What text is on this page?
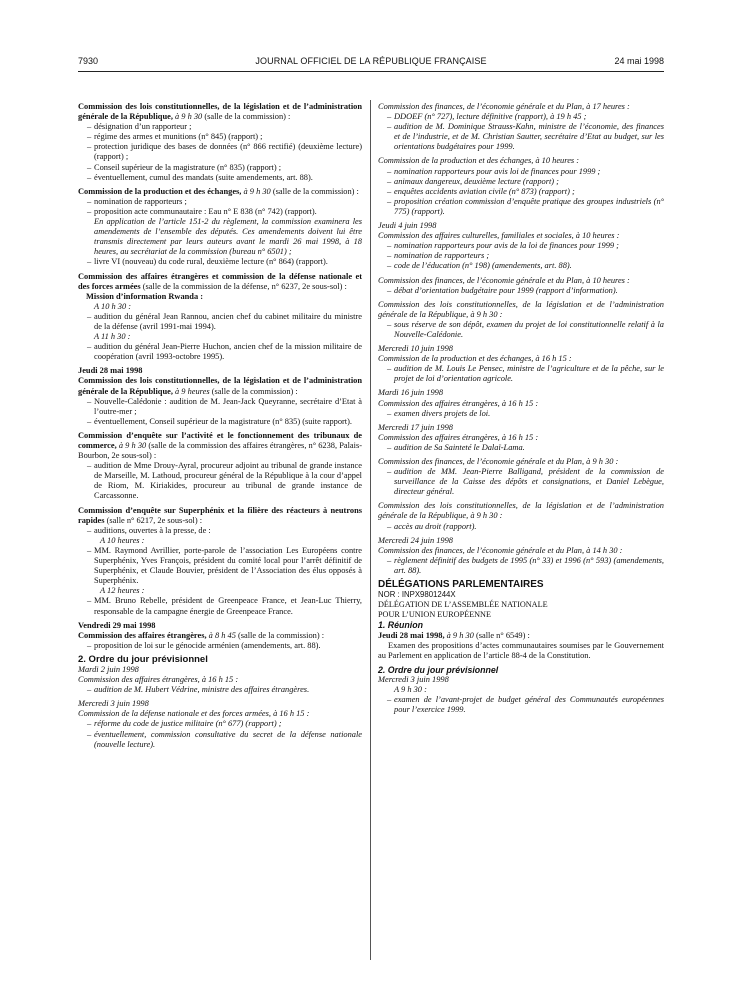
7930	JOURNAL OFFICIEL DE LA RÉPUBLIQUE FRANÇAISE	24 mai 1998

Commission des lois constitutionnelles, de la législation et de l’administration générale de la République, à 9 h 30 (salle de la commission) :

– désignation d’un rapporteur ;
– régime des armes et munitions (n° 845) (rapport) ;
– protection juridique des bases de données (n° 866 rectifié) (deuxième lecture) (rapport) ;
– Conseil supérieur de la magistrature (n° 835) (rapport) ;
– éventuellement, cumul des mandats (suite amendements, art. 88).

Commission de la production et des échanges, à 9 h 30 (salle de la commission) :

– nomination de rapporteurs ;
– proposition acte communautaire : Eau n° E 838 (n° 742) (rapport).

En application de l’article 151-2 du règlement, la commission examinera les amendements de l’ensemble des députés. Ces amendements doivent lui être transmis directement par leurs auteurs avant le mardi 26 mai 1998, à 18 heures, au secrétariat de la commission (bureau n° 6501) ;

– livre VI (nouveau) du code rural, deuxième lecture (n° 864) (rapport).

Commission des affaires étrangères et commission de la défense nationale et des forces armées (salle de la commission de la défense, n° 6237, 2e sous-sol) :

Mission d’information Rwanda :

A 10 h 30 :

– audition du général Jean Rannou, ancien chef du cabinet militaire du ministre de la défense (avril 1991-mai 1994).

A 11 h 30 :

– audition du général Jean-Pierre Huchon, ancien chef de la mission militaire de coopération (avril 1993-octobre 1995).

Jeudi 28 mai 1998

Commission des lois constitutionnelles, de la législation et de l’administration générale de la République, à 9 heures (salle de la commission) :

– Nouvelle-Calédonie : audition de M. Jean-Jack Queyranne, secrétaire d’Etat à l’outre-mer ;
– éventuellement, Conseil supérieur de la magistrature (n° 835) (suite rapport).

Commission d’enquête sur l’activité et le fonctionnement des tribunaux de commerce, à 9 h 30 (salle de la commission des affaires étrangères, n° 6238, Palais-Bourbon, 2e sous-sol) :

– audition de Mme Drouy-Ayral, procureur adjoint au tribunal de grande instance de Marseille, M. Lathoud, procureur général de la République à la cour d’appel de Riom, M. Kiriakides, procureur au tribunal de grande instance de Carcassonne.

Commission d’enquête sur Superphénix et la filière des réacteurs à neutrons rapides (salle n° 6217, 2e sous-sol) :

– auditions, ouvertes à la presse, de :

A 10 heures :

– MM. Raymond Avrillier, porte-parole de l’association Les Européens contre Superphénix, Yves François, président du comité local pour l’arrêt définitif de Superphénix, et Claude Bouvier, président de l’Association des élus opposés à Superphénix.

A 12 heures :

– MM. Bruno Rebelle, président de Greenpeace France, et Jean-Luc Thierry, responsable de la campagne énergie de Greenpeace France.

Vendredi 29 mai 1998

Commission des affaires étrangères, à 8 h 45 (salle de la commission) :

– proposition de loi sur le génocide arménien (amendements, art. 88).

2. Ordre du jour prévisionnel

Mardi 2 juin 1998

Commission des affaires étrangères, à 16 h 15 :

– audition de M. Hubert Védrine, ministre des affaires étrangères.

Mercredi 3 juin 1998

Commission de la défense nationale et des forces armées, à 16 h 15 :

– réforme du code de justice militaire (n° 677) (rapport) ;
– éventuellement, commission consultative du secret de la défense nationale (nouvelle lecture).

Commission des finances, de l’économie générale et du Plan, à 17 heures :

– DDOEF (n° 727), lecture définitive (rapport), à 19 h 45 ;
– audition de M. Dominique Strauss-Kahn, ministre de l’économie, des finances et de l’industrie, et de M. Christian Sautter, secrétaire d’Etat au budget, sur les orientations budgétaires pour 1999.

Commission de la production et des échanges, à 10 heures :

– nomination rapporteurs pour avis loi de finances pour 1999 ;
– animaux dangereux, deuxième lecture (rapport) ;
– enquêtes accidents aviation civile (n° 873) (rapport) ;
– proposition création commission d’enquête pratique des groupes industriels (n° 775) (rapport).

Jeudi 4 juin 1998

Commission des affaires culturelles, familiales et sociales, à 10 heures :

– nomination rapporteurs pour avis de la loi de finances pour 1999 ;
– nomination de rapporteurs ;
– code de l’éducation (n° 198) (amendements, art. 88).

Commission des finances, de l’économie générale et du Plan, à 10 heures :

– débat d’orientation budgétaire pour 1999 (rapport d’information).

Commission des lois constitutionnelles, de la législation et de l’administration générale de la République, à 9 h 30 :

– sous réserve de son dépôt, examen du projet de loi constitutionnelle relatif à la Nouvelle-Calédonie.

Mercredi 10 juin 1998

Commission de la production et des échanges, à 16 h 15 :

– audition de M. Louis Le Pensec, ministre de l’agriculture et de la pêche, sur le projet de loi d’orientation agricole.

Mardi 16 juin 1998

Commission des affaires étrangères, à 16 h 15 :

– examen divers projets de loi.

Mercredi 17 juin 1998

Commission des affaires étrangères, à 16 h 15 :

– audition de Sa Sainteté le Dalaï-Lama.

Commission des finances, de l’économie générale et du Plan, à 9 h 30 :

– audition de MM. Jean-Pierre Balligand, président de la commission de surveillance de la Caisse des dépôts et consignations, et Daniel Lebègue, directeur général.

Commission des lois constitutionnelles, de la législation et de l’administration générale de la République, à 9 h 30 :

– accès au droit (rapport).

Mercredi 24 juin 1998

Commission des finances, de l’économie générale et du Plan, à 14 h 30 :

– règlement définitif des budgets de 1995 (n° 33) et 1996 (n° 593) (amendements, art. 88).

DÉLÉGATIONS PARLEMENTAIRES

NOR : INPX9801244X

DÉLÉGATION DE L’ASSEMBLÉE NATIONALE

POUR L’UNION EUROPÉENNE

1. Réunion

Jeudi 28 mai 1998, à 9 h 30 (salle n° 6549) :

Examen des propositions d’actes communautaires soumises par le Gouvernement au Parlement en application de l’article 88-4 de la Constitution.

2. Ordre du jour prévisionnel

Mercredi 3 juin 1998

A 9 h 30 :

– examen de l’avant-projet de budget général des Communautés européennes pour l’exercice 1999.
